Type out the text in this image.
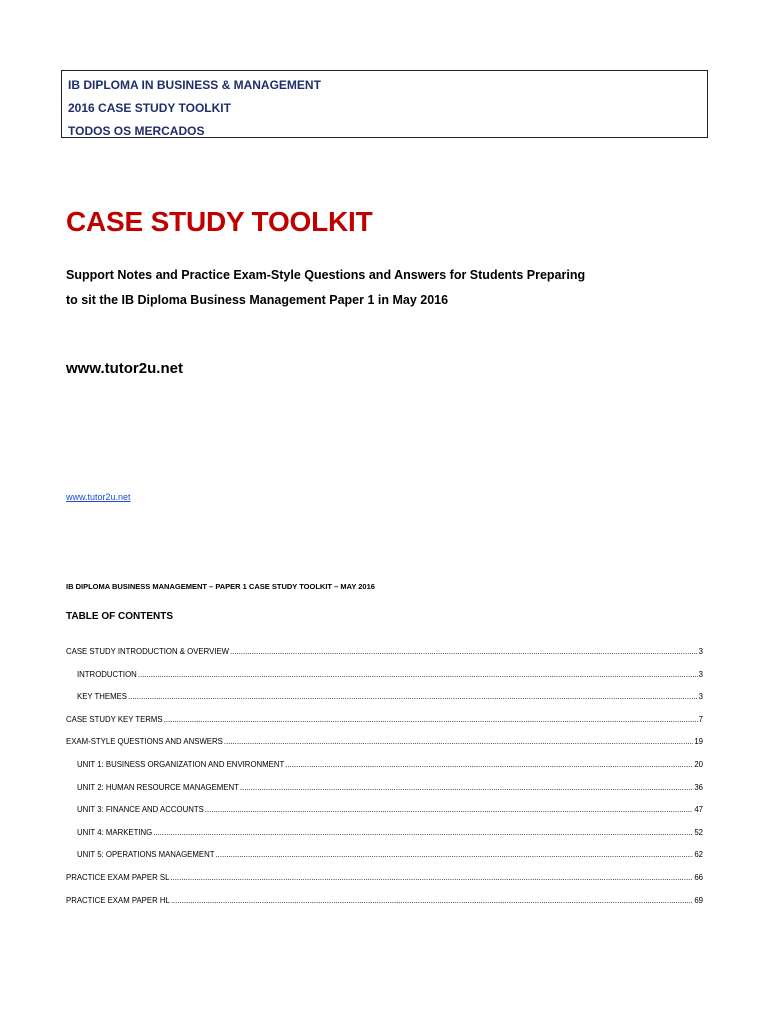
IB DIPLOMA IN BUSINESS & MANAGEMENT
2016 CASE STUDY TOOLKIT
TODOS OS MERCADOS
CASE STUDY TOOLKIT
Support Notes and Practice Exam-Style Questions and Answers for Students Preparing
to sit the IB Diploma Business Management Paper 1 in May 2016
www.tutor2u.net
www.tutor2u.net
IB DIPLOMA BUSINESS MANAGEMENT – PAPER 1 CASE STUDY TOOLKIT – MAY 2016
TABLE OF CONTENTS
CASE STUDY INTRODUCTION & OVERVIEW .....	3
INTRODUCTION .....	3
KEY THEMES .....	3
CASE STUDY KEY TERMS .....	7
EXAM-STYLE QUESTIONS AND ANSWERS .....	19
UNIT 1: BUSINESS ORGANIZATION AND ENVIRONMENT .....	20
UNIT 2: HUMAN RESOURCE MANAGEMENT .....	36
UNIT 3: FINANCE AND ACCOUNTS .....	47
UNIT 4: MARKETING .....	52
UNIT 5: OPERATIONS MANAGEMENT .....	62
PRACTICE EXAM PAPER SL .....	66
PRACTICE EXAM PAPER HL .....	69
